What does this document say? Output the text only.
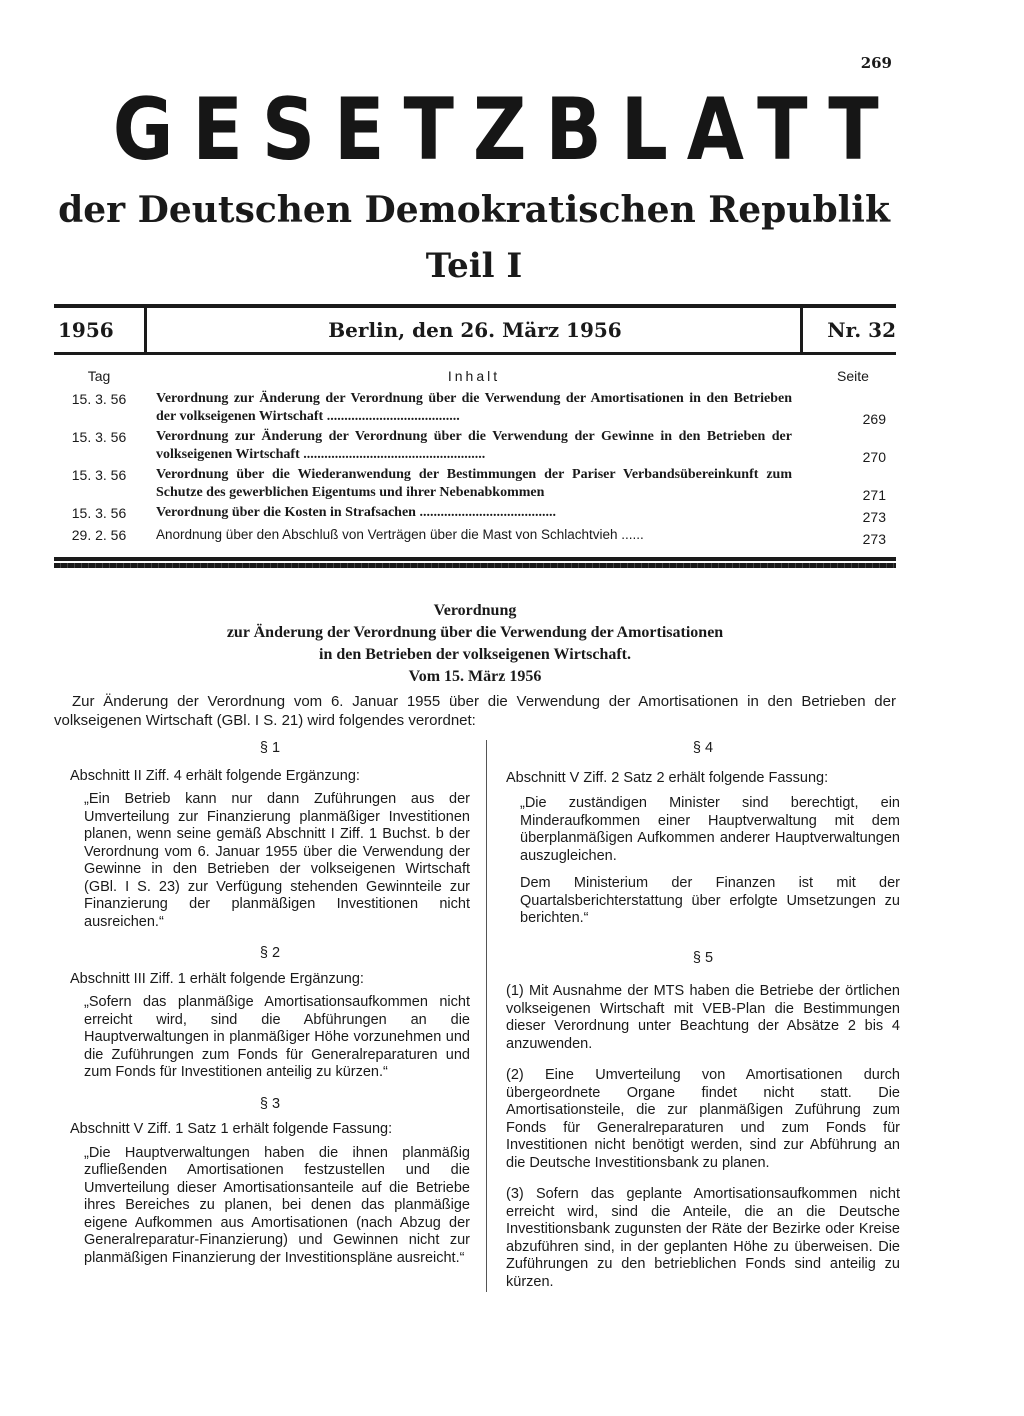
269
GESETZBLATT
der Deutschen Demokratischen Republik
Teil I
1956	Berlin, den 26. März 1956	Nr. 32
Tag	Inhalt	Seite
15. 3. 56	Verordnung zur Änderung der Verordnung über die Verwendung der Amortisationen in den Betrieben der volkseigenen Wirtschaft ......................................	269
15. 3. 56	Verordnung zur Änderung der Verordnung über die Verwendung der Gewinne in den Betrieben der volkseigenen Wirtschaft ....................................................	270
15. 3. 56	Verordnung über die Wiederanwendung der Bestimmungen der Pariser Verbandsübereinkunft zum Schutze des gewerblichen Eigentums und ihrer Nebenabkommen	271
15. 3. 56	Verordnung über die Kosten in Strafsachen .......................................	273
29. 2. 56	Anordnung über den Abschluß von Verträgen über die Mast von Schlachtvieh ......	273
Verordnung
zur Änderung der Verordnung über die Verwendung der Amortisationen
in den Betrieben der volkseigenen Wirtschaft.
Vom 15. März 1956
Zur Änderung der Verordnung vom 6. Januar 1955 über die Verwendung der Amortisationen in den Betrieben der volkseigenen Wirtschaft (GBl. I S. 21) wird folgendes verordnet:

§ 1

Abschnitt II Ziff. 4 erhält folgende Ergänzung:

„Ein Betrieb kann nur dann Zuführungen aus der Umverteilung zur Finanzierung planmäßiger Investitionen planen, wenn seine gemäß Abschnitt I Ziff. 1 Buchst. b der Verordnung vom 6. Januar 1955 über die Verwendung der Gewinne in den Betrieben der volkseigenen Wirtschaft (GBl. I S. 23) zur Verfügung stehenden Gewinnteile zur Finanzierung der planmäßigen Investitionen nicht ausreichen.“

§ 2

Abschnitt III Ziff. 1 erhält folgende Ergänzung:

„Sofern das planmäßige Amortisationsaufkommen nicht erreicht wird, sind die Abführungen an die Hauptverwaltungen in planmäßiger Höhe vorzunehmen und die Zuführungen zum Fonds für Generalreparaturen und zum Fonds für Investitionen anteilig zu kürzen.“

§ 3

Abschnitt V Ziff. 1 Satz 1 erhält folgende Fassung:

„Die Hauptverwaltungen haben die ihnen planmäßig zufließenden Amortisationen festzustellen und die Umverteilung dieser Amortisationsanteile auf die Betriebe ihres Bereiches zu planen, bei denen das planmäßige eigene Aufkommen aus Amortisationen (nach Abzug der Generalreparatur-Finanzierung) und Gewinnen nicht zur planmäßigen Finanzierung der Investitionspläne ausreicht.“

§ 4

Abschnitt V Ziff. 2 Satz 2 erhält folgende Fassung:

„Die zuständigen Minister sind berechtigt, ein Minderaufkommen einer Hauptverwaltung mit dem überplanmäßigen Aufkommen anderer Hauptverwaltungen auszugleichen.

Dem Ministerium der Finanzen ist mit der Quartalsberichterstattung über erfolgte Umsetzungen zu berichten.“

§ 5

(1) Mit Ausnahme der MTS haben die Betriebe der örtlichen volkseigenen Wirtschaft mit VEB-Plan die Bestimmungen dieser Verordnung unter Beachtung der Absätze 2 bis 4 anzuwenden.

(2) Eine Umverteilung von Amortisationen durch übergeordnete Organe findet nicht statt. Die Amortisationsteile, die zur planmäßigen Zuführung zum Fonds für Generalreparaturen und zum Fonds für Investitionen nicht benötigt werden, sind zur Abführung an die Deutsche Investitionsbank zu planen.

(3) Sofern das geplante Amortisationsaufkommen nicht erreicht wird, sind die Anteile, die an die Deutsche Investitionsbank zugunsten der Räte der Bezirke oder Kreise abzuführen sind, in der geplanten Höhe zu überweisen. Die Zuführungen zu den betrieblichen Fonds sind anteilig zu kürzen.
